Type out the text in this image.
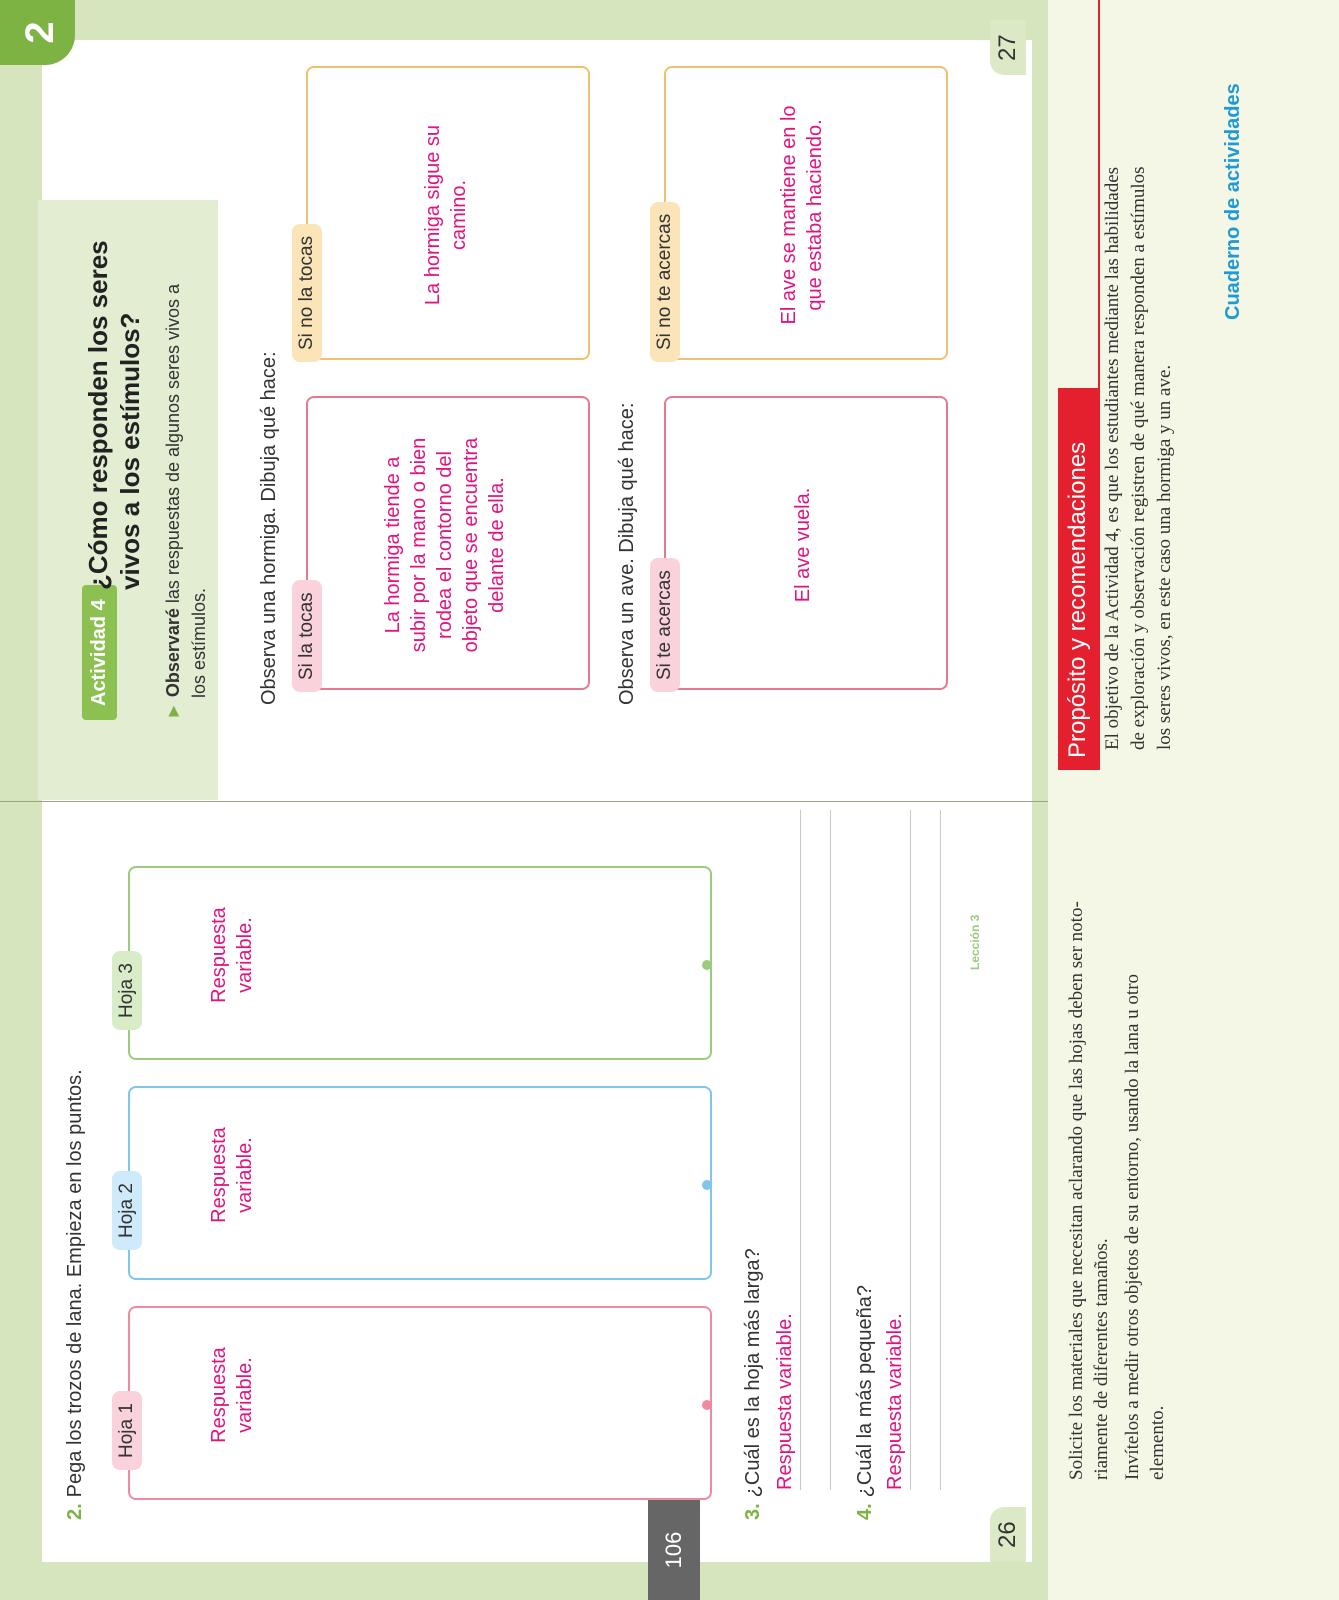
2
106
2.Pega los trozos de lana. Empieza en los puntos. Hoja 1	Respuesta variable.
Hoja 2	Respuesta variable.
Hoja 3	Respuesta variable.
3.¿Cuál es la hoja más larga? Respuesta variable.
4.¿Cuál la más pequeña? Respuesta variable.
Lección 3
26
Actividad 4
¿Cómo responden los seres vivos a los estímulos?
► Observaré las respuestas de algunos seres vivos a
los estímulos. Observa una hormiga. Dibuja qué hace: Si la tocas
La hormiga tiende a subir por la mano o bien rodea el contorno del objeto que se encuentra delante de ella.
Si no la tocas	La hormiga sigue su camino.
Observa un ave. Dibuja qué hace: Si te acercas
El ave vuela.
Si no te acercas	El ave se mantiene en lo que estaba haciendo.
27
Solicite los materiales que necesitan aclarando que las hojas deben ser noto- riamente de diferentes tamaños. Invítelos a medir otros objetos de su entorno, usando la lana u otro elemento.
Propósito y recomendaciones El objetivo de la Actividad 4, es que los estudiantes mediante las habilidades de exploración y observación registren de qué manera responden a estímulos los seres vivos, en este caso una hormiga y un ave.
Cuaderno de actividades
